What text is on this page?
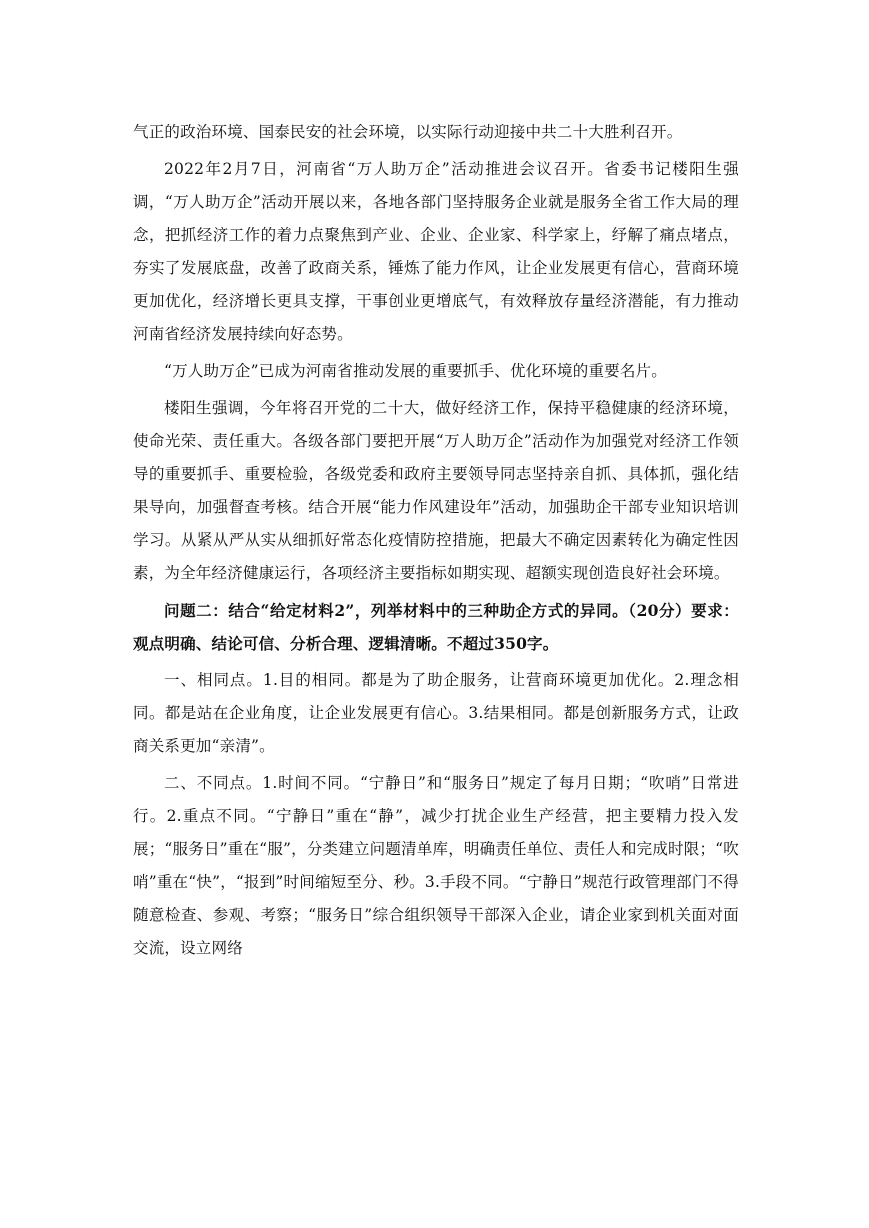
气正的政治环境、国泰民安的社会环境，以实际行动迎接中共二十大胜利召开。

2022年2月7日，河南省“万人助万企”活动推进会议召开。省委书记楼阳生强调，“万人助万企”活动开展以来，各地各部门坚持服务企业就是服务全省工作大局的理念，把抓经济工作的着力点聚焦到产业、企业、企业家、科学家上，纾解了痛点堵点，夯实了发展底盘，改善了政商关系，锤炼了能力作风，让企业发展更有信心，营商环境更加优化，经济增长更具支撑，干事创业更增底气，有效释放存量经济潜能，有力推动河南省经济发展持续向好态势。

“万人助万企”已成为河南省推动发展的重要抓手、优化环境的重要名片。

楼阳生强调，今年将召开党的二十大，做好经济工作，保持平稳健康的经济环境，使命光荣、责任重大。各级各部门要把开展“万人助万企”活动作为加强党对经济工作领导的重要抓手、重要检验，各级党委和政府主要领导同志坚持亲自抓、具体抓，强化结果导向，加强督查考核。结合开展“能力作风建设年”活动，加强助企干部专业知识培训学习。从紧从严从实从细抓好常态化疫情防控措施，把最大不确定因素转化为确定性因素，为全年经济健康运行，各项经济主要指标如期实现、超额实现创造良好社会环境。

问题二：结合“给定材料2”，列举材料中的三种助企方式的异同。（20分）要求：观点明确、结论可信、分析合理、逻辑清晰。不超过350字。

一、相同点。1.目的相同。都是为了助企服务，让营商环境更加优化。2.理念相同。都是站在企业角度，让企业发展更有信心。3.结果相同。都是创新服务方式，让政商关系更加“亲清”。

二、不同点。1.时间不同。“宁静日”和“服务日”规定了每月日期；“吹哨”日常进行。2.重点不同。“宁静日”重在“静”，减少打扰企业生产经营，把主要精力投入发展；“服务日”重在“服”，分类建立问题清单库，明确责任单位、责任人和完成时限；“吹哨”重在“快”，“报到”时间缩短至分、秒。3.手段不同。“宁静日”规范行政管理部门不得随意检查、参观、考察；“服务日”综合组织领导干部深入企业，请企业家到机关面对面交流，设立网络
